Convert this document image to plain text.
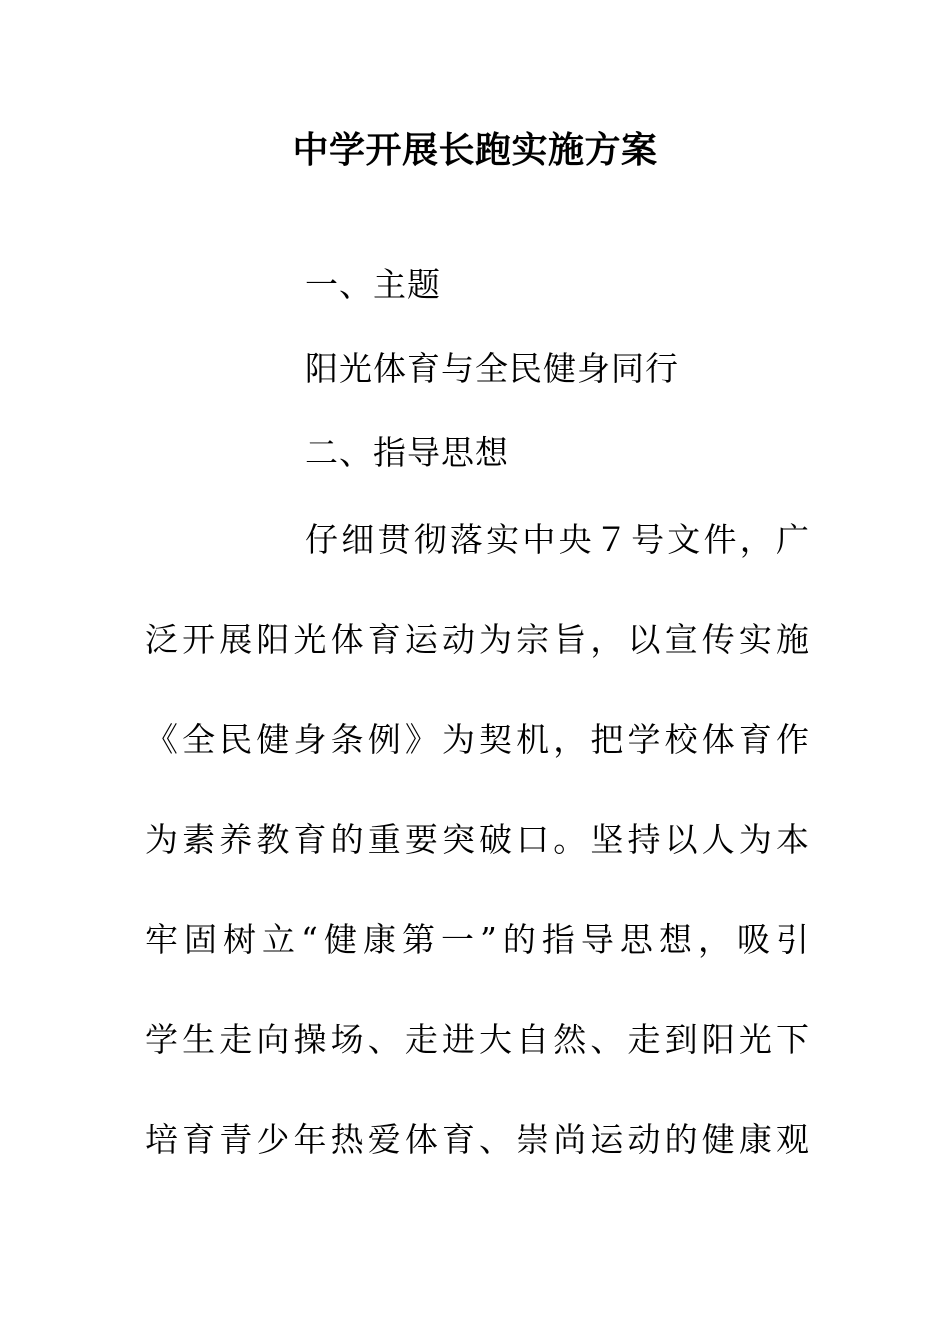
中学开展长跑实施方案
一、主题
阳光体育与全民健身同行
二、指导思想
仔细贯彻落实中央７号文件，广
泛开展阳光体育运动为宗旨，以宣传实施
《全民健身条例》为契机，把学校体育作
为素养教育的重要突破口。坚持以人为本
牢固树立“健康第一”的指导思想，吸引
学生走向操场、走进大自然、走到阳光下
培育青少年热爱体育、崇尚运动的健康观
